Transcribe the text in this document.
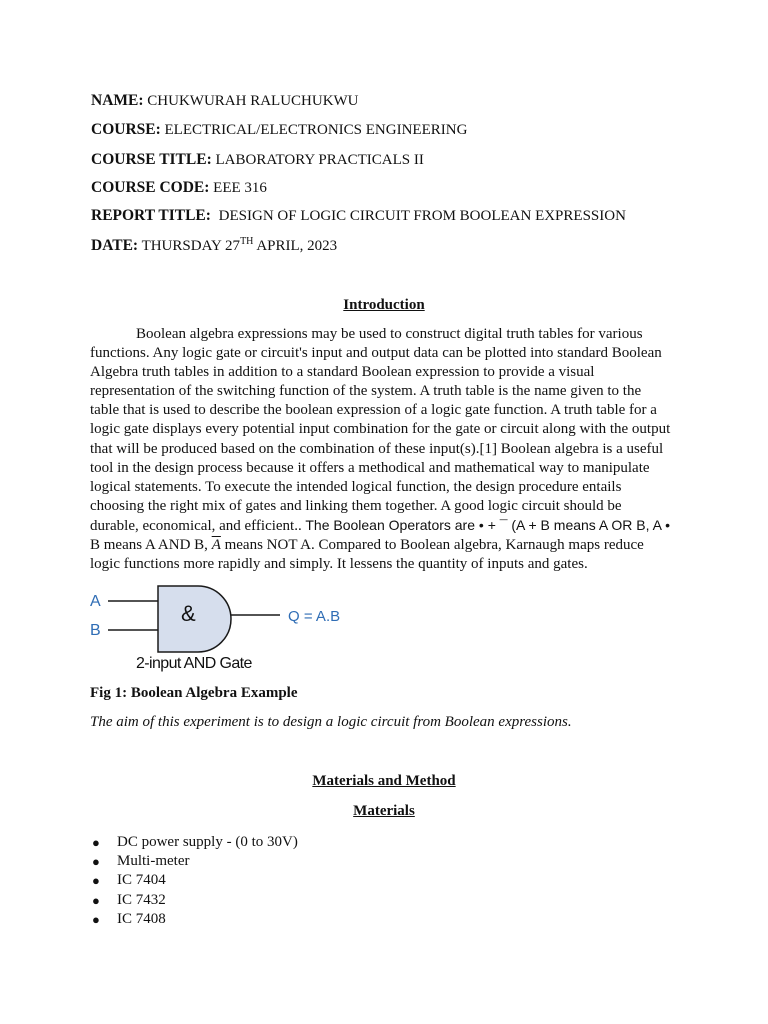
NAME: CHUKWURAH RALUCHUKWU
COURSE: ELECTRICAL/ELECTRONICS ENGINEERING
COURSE TITLE: LABORATORY PRACTICALS II
COURSE CODE: EEE 316
REPORT TITLE: DESIGN OF LOGIC CIRCUIT FROM BOOLEAN EXPRESSION
DATE: THURSDAY 27TH APRIL, 2023
Introduction
Boolean algebra expressions may be used to construct digital truth tables for various
functions. Any logic gate or circuit's input and output data can be plotted into standard Boolean
Algebra truth tables in addition to a standard Boolean expression to provide a visual
representation of the switching function of the system. A truth table is the name given to the
table that is used to describe the boolean expression of a logic gate function. A truth table for a
logic gate displays every potential input combination for the gate or circuit along with the output
that will be produced based on the combination of these input(s).[1] Boolean algebra is a useful
tool in the design process because it offers a methodical and mathematical way to manipulate
logical statements. To execute the intended logical function, the design procedure entails
choosing the right mix of gates and linking them together. A good logic circuit should be
durable, economical, and efficient.. The Boolean Operators are • + ¯ (A + B means A OR B, A •
B means A AND B, $\overline{A}$ means NOT A. Compared to Boolean algebra, Karnaugh maps reduce
logic functions more rapidly and simply. It lessens the quantity of inputs and gates.
A
B
&	Q = A.B
2-input AND Gate
Fig 1: Boolean Algebra Example
The aim of this experiment is to design a logic circuit from Boolean expressions.
Materials and Method
Materials
● DC power supply - (0 to 30V)
● Multi-meter
● IC 7404
● IC 7432
● IC 7408
